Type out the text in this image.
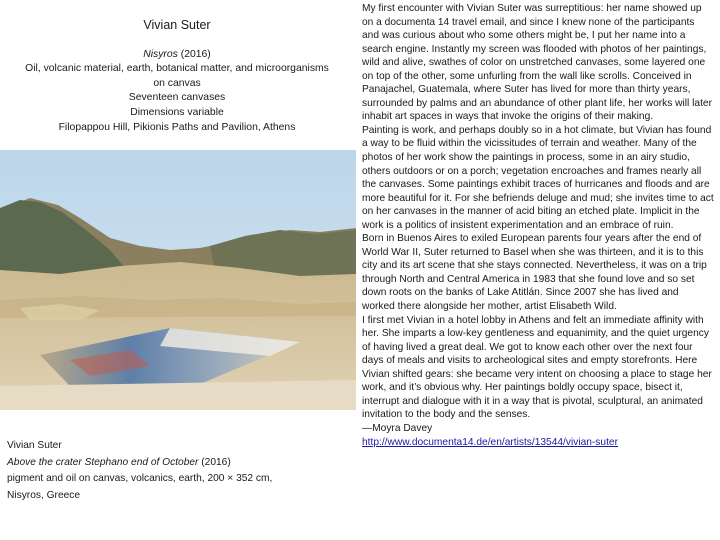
Vivian Suter
Nisyros (2016)
Oil, volcanic material, earth, botanical matter, and microorganisms on canvas
Seventeen canvases
Dimensions variable
Filopappou Hill, Pikionis Paths and Pavilion, Athens
Vivian Suter
Above the crater Stephano end of October (2016)
pigment and oil on canvas, volcanics, earth, 200 × 352 cm,
Nisyros, Greece

My first encounter with Vivian Suter was surreptitious: her name showed up on a documenta 14 travel email, and since I knew none of the participants and was curious about who some others might be, I put her name into a search engine. Instantly my screen was flooded with photos of her paintings, wild and alive, swathes of color on unstretched canvases, some layered one on top of the other, some unfurling from the wall like scrolls. Conceived in Panajachel, Guatemala, where Suter has lived for more than thirty years, surrounded by palms and an abundance of other plant life, her works will later inhabit art spaces in ways that invoke the origins of their making.

Painting is work, and perhaps doubly so in a hot climate, but Vivian has found a way to be fluid within the vicissitudes of terrain and weather. Many of the photos of her work show the paintings in process, some in an airy studio, others outdoors or on a porch; vegetation encroaches and frames nearly all the canvases. Some paintings exhibit traces of hurricanes and floods and are more beautiful for it. For she befriends deluge and mud; she invites time to act on her canvases in the manner of acid biting an etched plate. Implicit in the work is a politics of insistent experimentation and an embrace of ruin.

Born in Buenos Aires to exiled European parents four years after the end of World War II, Suter returned to Basel when she was thirteen, and it is to this city and its art scene that she stays connected. Nevertheless, it was on a trip through North and Central America in 1983 that she found love and so set down roots on the banks of Lake Atitlán. Since 2007 she has lived and worked there alongside her mother, artist Elisabeth Wild.

I first met Vivian in a hotel lobby in Athens and felt an immediate affinity with her. She imparts a low-key gentleness and equanimity, and the quiet urgency of having lived a great deal. We got to know each other over the next four days of meals and visits to archeological sites and empty storefronts. Here Vivian shifted gears: she became very intent on choosing a place to stage her work, and it’s obvious why. Her paintings boldly occupy space, bisect it, interrupt and dialogue with it in a way that is pivotal, sculptural, an animated invitation to the body and the senses.

—Moyra Davey

http://www.documenta14.de/en/artists/13544/vivian-suter
